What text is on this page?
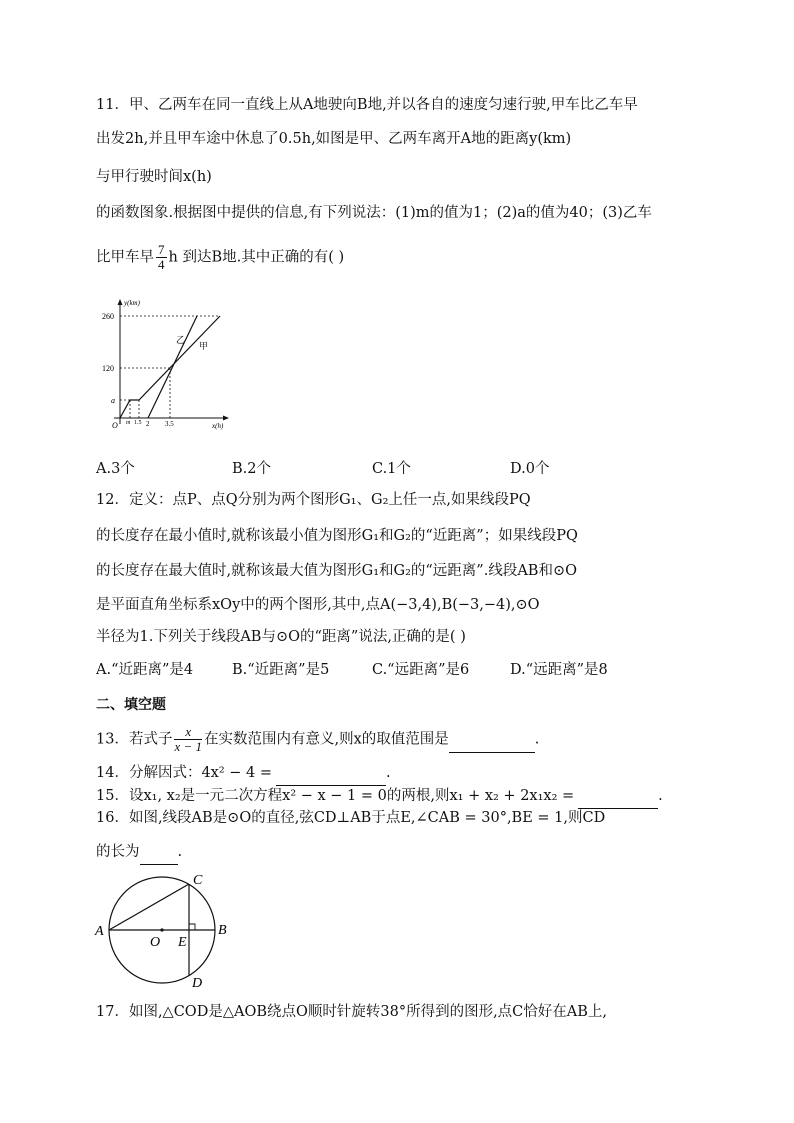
11．甲、乙两车在同一直线上从A地驶向B地,并以各自的速度匀速行驶,甲车比乙车早
出发2h,并且甲车途中休息了0.5h,如图是甲、乙两车离开A地的距离y(km)
与甲行驶时间x(h)
的函数图象.根据图中提供的信息,有下列说法：(1)m的值为1；(2)a的值为40；(3)乙车
比甲车早 $\frac{7}{4}$ h 到达B地.其中正确的有( )
y(km)
x(h)
260
120
a
O m 1.5 2 3.5
乙
甲
A.3个	B.2个	C.1个	D.0个
12．定义：点P、点Q分别为两个图形G₁、G₂上任一点,如果线段PQ
的长度存在最小值时,就称该最小值为图形G₁和G₂的“近距离”；如果线段PQ
的长度存在最大值时,就称该最大值为图形G₁和G₂的“远距离”.线段AB和⊙O
是平面直角坐标系xOy中的两个图形,其中,点A(−3,4),B(−3,−4),⊙O
半径为1.下列关于线段AB与⊙O的“距离”说法,正确的是( )
A.“近距离”是4	B.“近距离”是5	C.“远距离”是6	D.“远距离”是8
二、填空题
13．若式子 $\frac{x}{x - 1}$ 在实数范围内有意义,则x的取值范围是	.
14．分解因式：4x² − 4 =	.
15．设x₁, x₂是一元二次方程x² − x − 1 = 0的两根,则x₁ + x₂ + 2x₁x₂ =	.
16．如图,线段AB是⊙O的直径,弦CD⊥AB于点E,∠CAB = 30°,BE = 1,则CD
的长为	.
A	B
C
D
O E
17．如图,△COD是△AOB绕点O顺时针旋转38°所得到的图形,点C恰好在AB上,
